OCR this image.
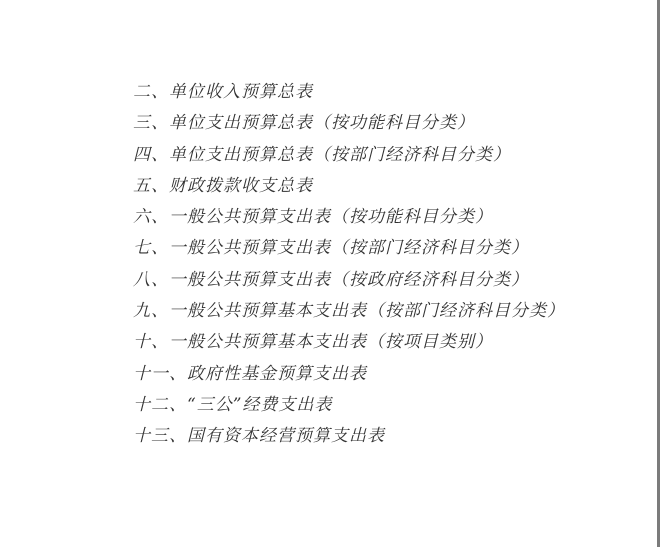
二、单位收入预算总表
三、单位支出预算总表（按功能科目分类）
四、单位支出预算总表（按部门经济科目分类）
五、财政拨款收支总表
六、一般公共预算支出表（按功能科目分类）
七、一般公共预算支出表（按部门经济科目分类）
八、一般公共预算支出表（按政府经济科目分类）
九、一般公共预算基本支出表（按部门经济科目分类）
十、一般公共预算基本支出表（按项目类别）
十一、政府性基金预算支出表
十二、“三公”经费支出表
十三、国有资本经营预算支出表
